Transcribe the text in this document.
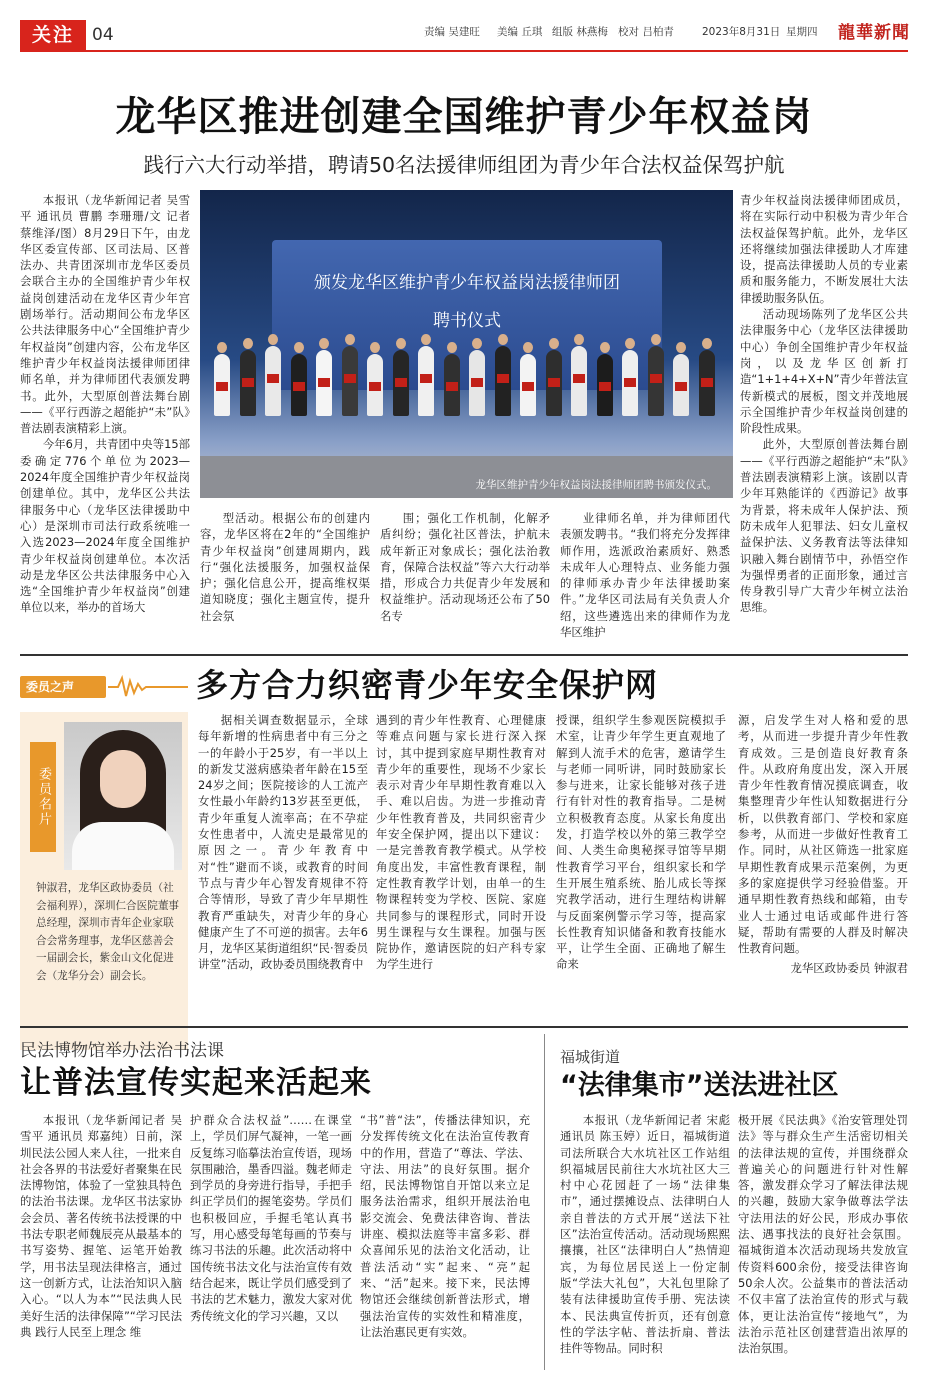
关注	04	责编 吴建旺 美编 丘琪 组版 林燕梅 校对 吕柏青	2023年8月31日 星期四 龍華新聞
龙华区推进创建全国维护青少年权益岗
践行六大行动举措，聘请50名法援律师组团为青少年合法权益保驾护航

本报讯（龙华新闻记者 吴雪平 通讯员 曹鹏 李珊珊/文 记者 蔡维泽/图）8月29日下午，由龙华区委宣传部、区司法局、区普法办、共青团深圳市龙华区委员会联合主办的全国维护青少年权益岗创建活动在龙华区青少年宫剧场举行。活动期间公布龙华区公共法律服务中心“全国维护青少年权益岗”创建内容，公布龙华区维护青少年权益岗法援律师团律师名单，并为律师团代表颁发聘书。此外，大型原创普法舞台剧——《平行西游之超能护“未”队》普法剧表演精彩上演。

今年6月，共青团中央等15部委确定776个单位为2023—2024年度全国维护青少年权益岗创建单位。其中，龙华区公共法律服务中心（龙华区法律援助中心）是深圳市司法行政系统唯一入选2023—2024年度全国维护青少年权益岗创建单位。本次活动是龙华区公共法律服务中心入选“全国维护青少年权益岗”创建单位以来，举办的首场大

颁发龙华区维护青少年权益岗法援律师团
聘书仪式
龙华区维护青少年权益岗法援律师团聘书颁发仪式。

型活动。根据公布的创建内容，龙华区将在2年的“全国维护青少年权益岗”创建周期内，践行“强化法援服务，加强权益保护；强化信息公开，提高维权渠道知晓度；强化主题宣传，提升社会氛

围；强化工作机制，化解矛盾纠纷；强化社区普法，护航未成年新正对象成长；强化法治教育，保障合法权益”等六大行动举措，形成合力共促青少年发展和权益维护。活动现场还公布了50名专

业律师名单，并为律师团代表颁发聘书。“我们将充分发挥律师作用，选派政治素质好、熟悉未成年人心理特点、业务能力强的律师承办青少年法律援助案件。”龙华区司法局有关负责人介绍，这些遴选出来的律师作为龙华区维护

青少年权益岗法援律师团成员，将在实际行动中积极为青少年合法权益保驾护航。此外，龙华区还将继续加强法律援助人才库建设，提高法律援助人员的专业素质和服务能力，不断发展壮大法律援助服务队伍。

活动现场陈列了龙华区公共法律服务中心（龙华区法律援助中心）争创全国维护青少年权益岗，以及龙华区创新打造“1+1+4+X+N”青少年普法宣传新模式的展板，图文并茂地展示全国维护青少年权益岗创建的阶段性成果。

此外，大型原创普法舞台剧——《平行西游之超能护“未”队》普法剧表演精彩上演。该剧以青少年耳熟能详的《西游记》故事为背景，将未成年人保护法、预防未成年人犯罪法、妇女儿童权益保护法、义务教育法等法律知识融入舞台剧情节中，孙悟空作为强悍勇者的正面形象，通过言传身教引导广大青少年树立法治思维。

委员之声	多方合力织密青少年安全保护网
委员名片
钟淑君，龙华区政协委员（社会福利界），深圳仁合医院董事总经理，深圳市青年企业家联合会常务理事，龙华区慈善会一届副会长，紫金山文化促进会（龙华分会）副会长。

据相关调查数据显示，全球每年新增的性病患者中有三分之一的年龄小于25岁，有一半以上的新发艾滋病感染者年龄在15至24岁之间；医院接诊的人工流产女性最小年龄约13岁甚至更低，青少年重复人流率高；在不孕症女性患者中，人流史是最常见的原因之一。青少年教育中对“性”避而不谈，或教育的时间节点与青少年心智发育规律不符合等情形，导致了青少年早期性教育严重缺失，对青少年的身心健康产生了不可逆的损害。去年6月，龙华区某街道组织“民·智委员讲堂”活动，政协委员围绕教育中

遇到的青少年性教育、心理健康等难点问题与家长进行深入探讨，其中提到家庭早期性教育对青少年的重要性，现场不少家长表示对青少年早期性教育难以入手、难以启齿。为进一步推动青少年性教育普及，共同织密青少年安全保护网，提出以下建议：一是完善教育教学模式。从学校角度出发，丰富性教育课程，制定性教育教学计划，由单一的生物课程转变为学校、医院、家庭共同参与的课程形式，同时开设男生课程与女生课程。加强与医院协作，邀请医院的妇产科专家为学生进行

授课，组织学生参观医院模拟手术室，让青少年学生更直观地了解到人流手术的危害，邀请学生与老师一同听讲，同时鼓励家长参与进来，让家长能够对孩子进行有针对性的教育指导。二是树立积极教育态度。从家长角度出发，打造学校以外的第三教学空间、人类生命奥秘探寻馆等早期性教育学习平台，组织家长和学生开展生殖系统、胎儿成长等探究教学活动，进行生理结构讲解与反面案例警示学习等，提高家长性教育知识储备和教育技能水平，让学生全面、正确地了解生命来

源，启发学生对人格和爱的思考，从而进一步提升青少年性教育成效。三是创造良好教育条件。从政府角度出发，深入开展青少年性教育情况摸底调查，收集整理青少年性认知数据进行分析，以供教育部门、学校和家庭参考，从而进一步做好性教育工作。同时，从社区筛选一批家庭早期性教育成果示范案例，为更多的家庭提供学习经验借鉴。开通早期性教育热线和邮箱，由专业人士通过电话或邮件进行答疑，帮助有需要的人群及时解决性教育问题。

龙华区政协委员 钟淑君
民法博物馆举办法治书法课
让普法宣传实起来活起来

本报讯（龙华新闻记者 吴雪平 通讯员 郑嘉纯）日前，深圳民法公园人来人往，一批来自社会各界的书法爱好者聚集在民法博物馆，体验了一堂独具特色的法治书法课。龙华区书法家协会会员、著名传统书法授课的中书法专职老师魏辰亮从最基本的书写姿势、握笔、运笔开始教学，用书法呈现法律格言，通过这一创新方式，让法治知识入脑入心。“以人为本”“民法典人民美好生活的法律保障”“学习民法典 践行人民至上理念 维

护群众合法权益”……在课堂上，学员们屏气凝神，一笔一画反复练习临摹法治宣传语，现场氛围融洽，墨香四溢。魏老师走到学员的身旁进行指导，手把手纠正学员们的握笔姿势。学员们也积极回应，手握毛笔认真书写，用心感受每笔每画的节奏与练习书法的乐趣。此次活动将中国传统书法文化与法治宣传有效结合起来，既让学员们感受到了书法的艺术魅力，激发大家对优秀传统文化的学习兴趣，又以

“书”普“法”，传播法律知识，充分发挥传统文化在法治宣传教育中的作用，营造了“尊法、学法、守法、用法”的良好氛围。据介绍，民法博物馆自开馆以来立足服务法治需求，组织开展法治电影交流会、免费法律咨询、普法讲座、模拟法庭等丰富多彩、群众喜闻乐见的法治文化活动，让普法活动“实”起来、“亮”起来、“活”起来。接下来，民法博物馆还会继续创新普法形式，增强法治宣传的实效性和精准度，让法治惠民更有实效。

福城街道
“法律集市”送法进社区

本报讯（龙华新闻记者 宋彪 通讯员 陈玉婷）近日，福城街道司法所联合大水坑社区工作站组织福城居民前往大水坑社区大三村中心花园赶了一场“法律集市”，通过摆摊设点、法律明白人亲自普法的方式开展“送法下社区”法治宣传活动。活动现场熙熙攘攘，社区“法律明白人”热情迎宾，为每位居民送上一份定制版“学法大礼包”，大礼包里除了装有法律援助宣传手册、宪法读本、民法典宣传折页，还有创意性的学法字帖、普法折扇、普法挂件等物品。同时积

极开展《民法典》《治安管理处罚法》等与群众生产生活密切相关的法律法规的宣传，并围绕群众普遍关心的问题进行针对性解答，激发群众学习了解法律法规的兴趣，鼓励大家争做尊法学法守法用法的好公民，形成办事依法、遇事找法的良好社会氛围。福城街道本次活动现场共发放宣传资料600余份，接受法律咨询50余人次。公益集市的普法活动不仅丰富了法治宣传的形式与载体，更让法治宣传“接地气”，为法治示范社区创建营造出浓厚的法治氛围。
